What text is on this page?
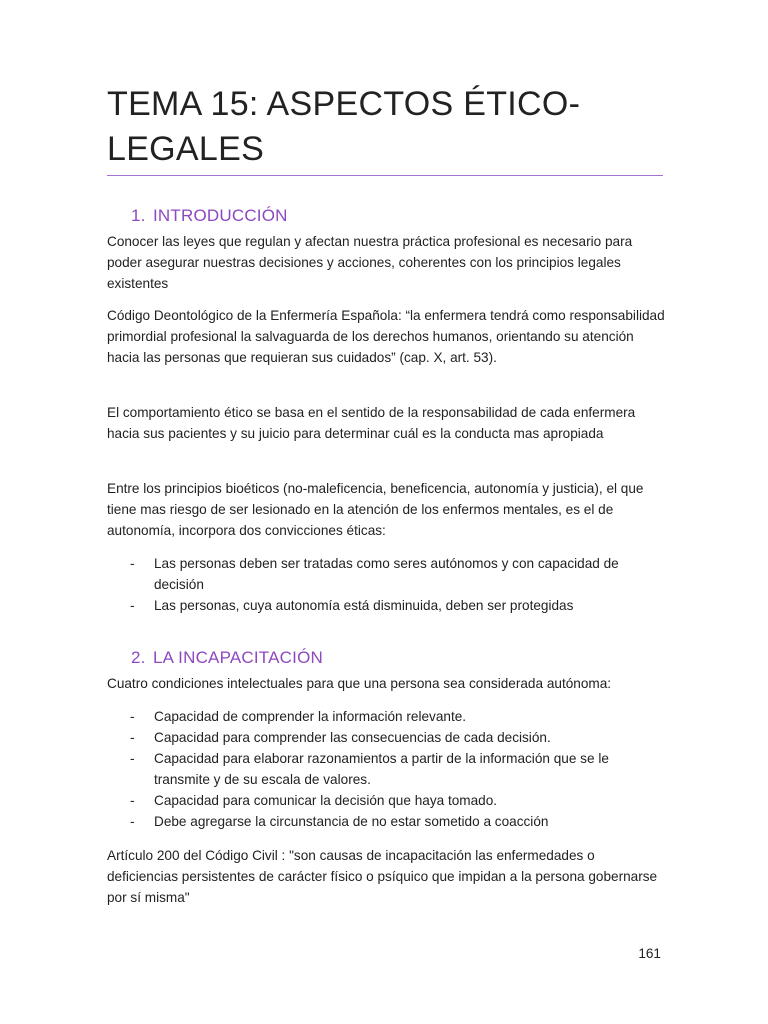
TEMA 15: ASPECTOS ÉTICO-LEGALES
1. INTRODUCCIÓN

Conocer las leyes que regulan y afectan nuestra práctica profesional es necesario para poder asegurar nuestras decisiones y acciones, coherentes con los principios legales existentes

Código Deontológico de la Enfermería Española: “la enfermera tendrá como responsabilidad primordial profesional la salvaguarda de los derechos humanos, orientando su atención hacia las personas que requieran sus cuidados” (cap. X, art. 53).

El comportamiento ético se basa en el sentido de la responsabilidad de cada enfermera hacia sus pacientes y su juicio para determinar cuál es la conducta mas apropiada

Entre los principios bioéticos (no-maleficencia, beneficencia, autonomía y justicia), el que tiene mas riesgo de ser lesionado en la atención de los enfermos mentales, es el de autonomía, incorpora dos convicciones éticas:

- Las personas deben ser tratadas como seres autónomos y con capacidad de decisión
- Las personas, cuya autonomía está disminuida, deben ser protegidas
2. LA INCAPACITACIÓN

Cuatro condiciones intelectuales para que una persona sea considerada autónoma:

- Capacidad de comprender la información relevante.
- Capacidad para comprender las consecuencias de cada decisión.
- Capacidad para elaborar razonamientos a partir de la información que se le transmite y de su escala de valores.
- Capacidad para comunicar la decisión que haya tomado.
- Debe agregarse la circunstancia de no estar sometido a coacción

Artículo 200 del Código Civil : "son causas de incapacitación las enfermedades o deficiencias persistentes de carácter físico o psíquico que impidan a la persona gobernarse por sí misma"

161
